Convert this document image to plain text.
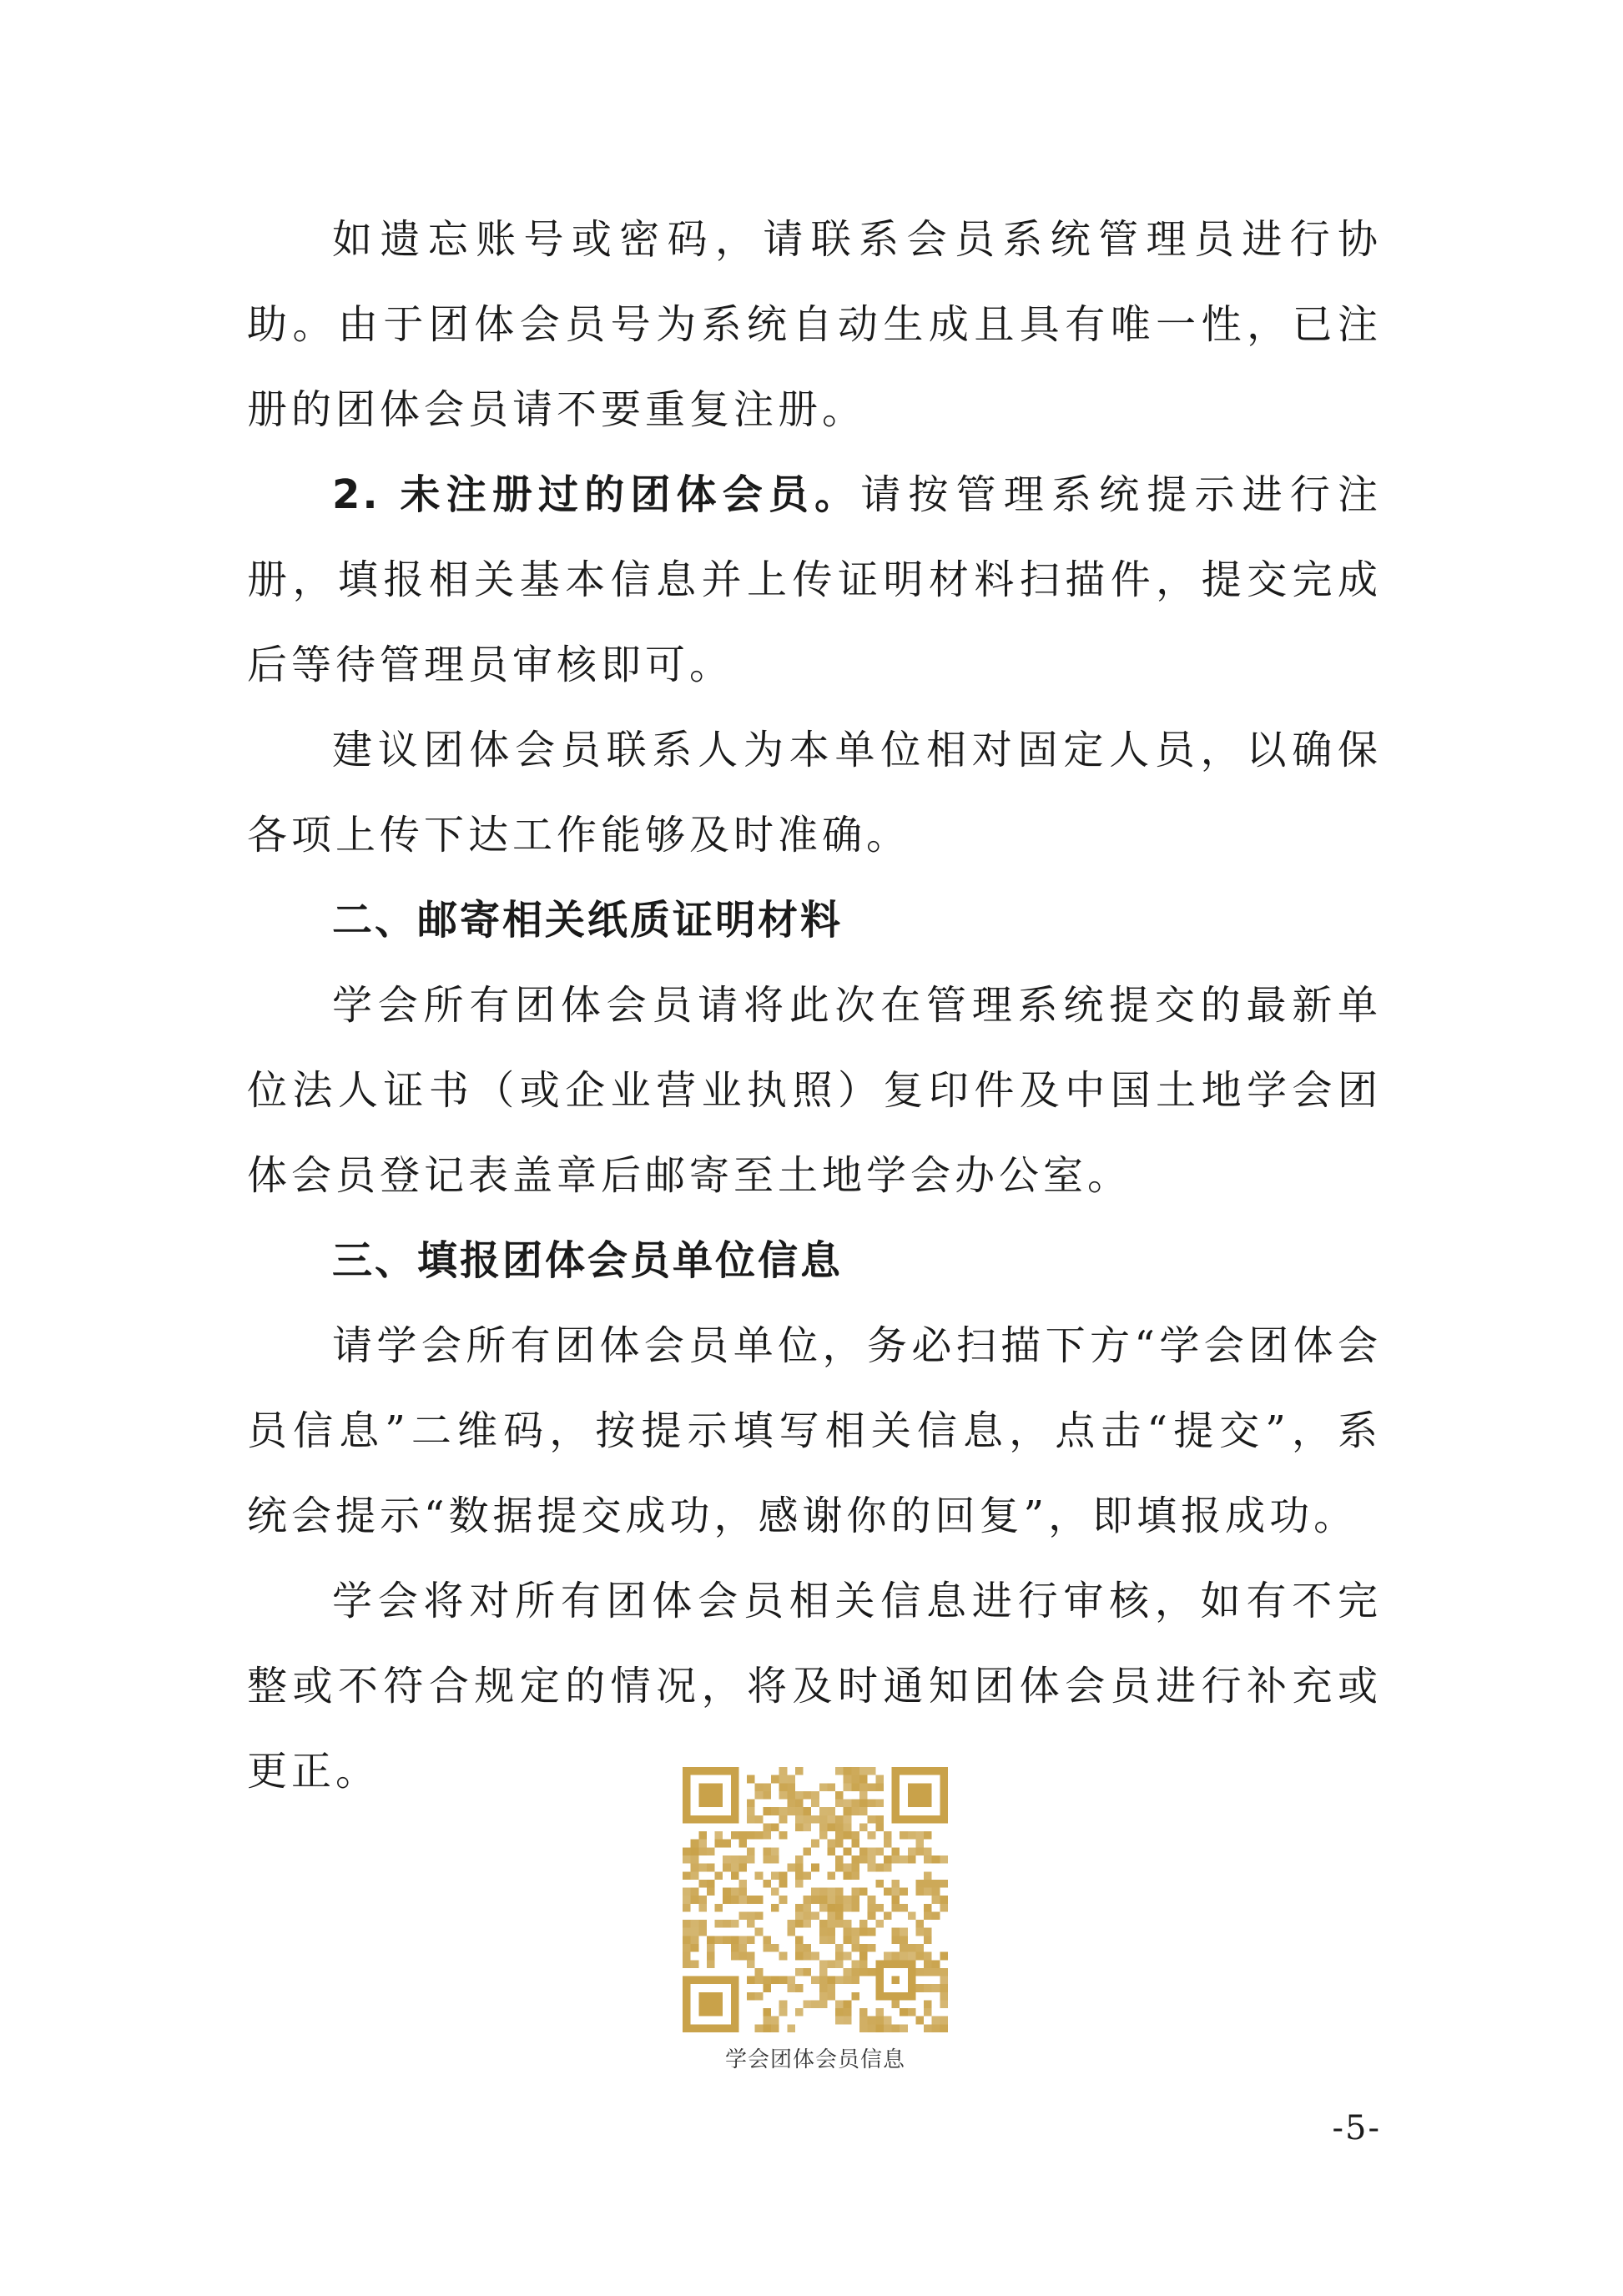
如遗忘账号或密码，请联系会员系统管理员进行协助。由于团体会员号为系统自动生成且具有唯一性，已注册的团体会员请不要重复注册。

2. 未注册过的团体会员。请按管理系统提示进行注册，填报相关基本信息并上传证明材料扫描件，提交完成后等待管理员审核即可。

建议团体会员联系人为本单位相对固定人员，以确保各项上传下达工作能够及时准确。

二、邮寄相关纸质证明材料

学会所有团体会员请将此次在管理系统提交的最新单位法人证书（或企业营业执照）复印件及中国土地学会团体会员登记表盖章后邮寄至土地学会办公室。

三、填报团体会员单位信息

请学会所有团体会员单位，务必扫描下方“学会团体会员信息”二维码，按提示填写相关信息，点击“提交”，系统会提示“数据提交成功，感谢你的回复”，即填报成功。

学会将对所有团体会员相关信息进行审核，如有不完整或不符合规定的情况，将及时通知团体会员进行补充或更正。

学会团体会员信息
-5-
